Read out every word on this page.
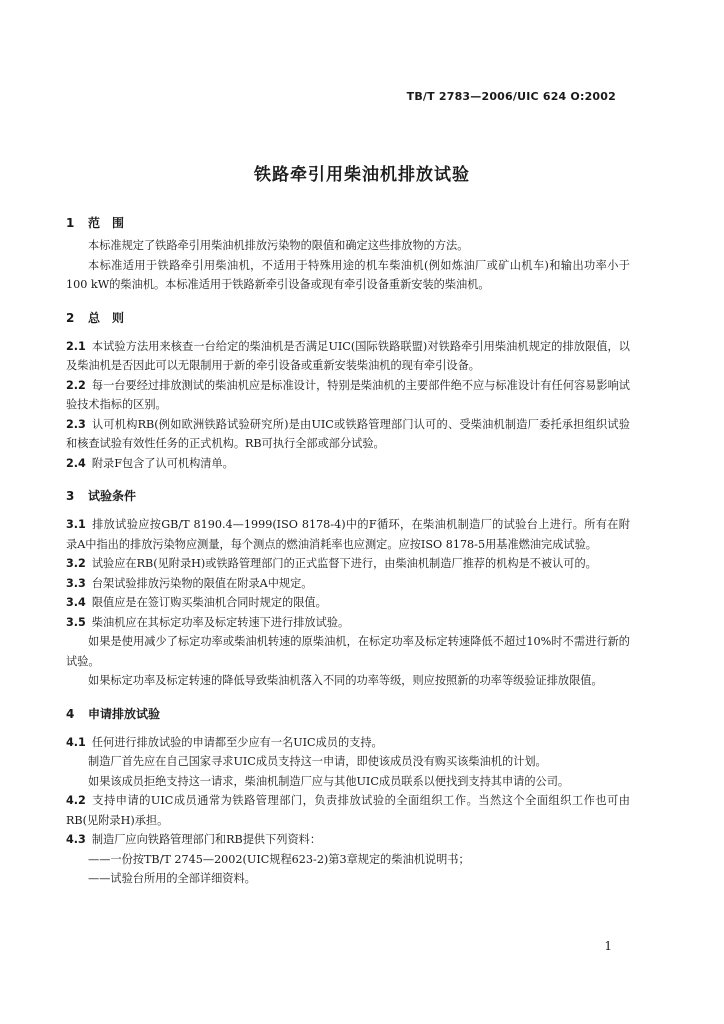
TB/T 2783—2006/UIC 624 O:2002
铁路牵引用柴油机排放试验
1 范　围

本标准规定了铁路牵引用柴油机排放污染物的限值和确定这些排放物的方法。

本标准适用于铁路牵引用柴油机，不适用于特殊用途的机车柴油机(例如炼油厂或矿山机车)和输出功率小于100 kW的柴油机。本标准适用于铁路新牵引设备或现有牵引设备重新安装的柴油机。

2 总　则

2.1 本试验方法用来核查一台给定的柴油机是否满足UIC(国际铁路联盟)对铁路牵引用柴油机规定的排放限值，以及柴油机是否因此可以无限制用于新的牵引设备或重新安装柴油机的现有牵引设备。

2.2 每一台要经过排放测试的柴油机应是标准设计，特别是柴油机的主要部件绝不应与标准设计有任何容易影响试验技术指标的区别。

2.3 认可机构RB(例如欧洲铁路试验研究所)是由UIC或铁路管理部门认可的、受柴油机制造厂委托承担组织试验和核查试验有效性任务的正式机构。RB可执行全部或部分试验。

2.4 附录F包含了认可机构清单。

3 试验条件

3.1 排放试验应按GB/T 8190.4—1999(ISO 8178-4)中的F循环，在柴油机制造厂的试验台上进行。所有在附录A中指出的排放污染物应测量，每个测点的燃油消耗率也应测定。应按ISO 8178-5用基准燃油完成试验。

3.2 试验应在RB(见附录H)或铁路管理部门的正式监督下进行，由柴油机制造厂推荐的机构是不被认可的。

3.3 台架试验排放污染物的限值在附录A中规定。

3.4 限值应是在签订购买柴油机合同时规定的限值。

3.5 柴油机应在其标定功率及标定转速下进行排放试验。

如果是使用减少了标定功率或柴油机转速的原柴油机，在标定功率及标定转速降低不超过10%时不需进行新的试验。

如果标定功率及标定转速的降低导致柴油机落入不同的功率等级，则应按照新的功率等级验证排放限值。

4 申请排放试验

4.1 任何进行排放试验的申请都至少应有一名UIC成员的支持。

制造厂首先应在自己国家寻求UIC成员支持这一申请，即使该成员没有购买该柴油机的计划。

如果该成员拒绝支持这一请求，柴油机制造厂应与其他UIC成员联系以便找到支持其申请的公司。

4.2 支持申请的UIC成员通常为铁路管理部门，负责排放试验的全面组织工作。当然这个全面组织工作也可由RB(见附录H)承担。

4.3 制造厂应向铁路管理部门和RB提供下列资料：

——一份按TB/T 2745—2002(UIC规程623-2)第3章规定的柴油机说明书；

——试验台所用的全部详细资料。

1
